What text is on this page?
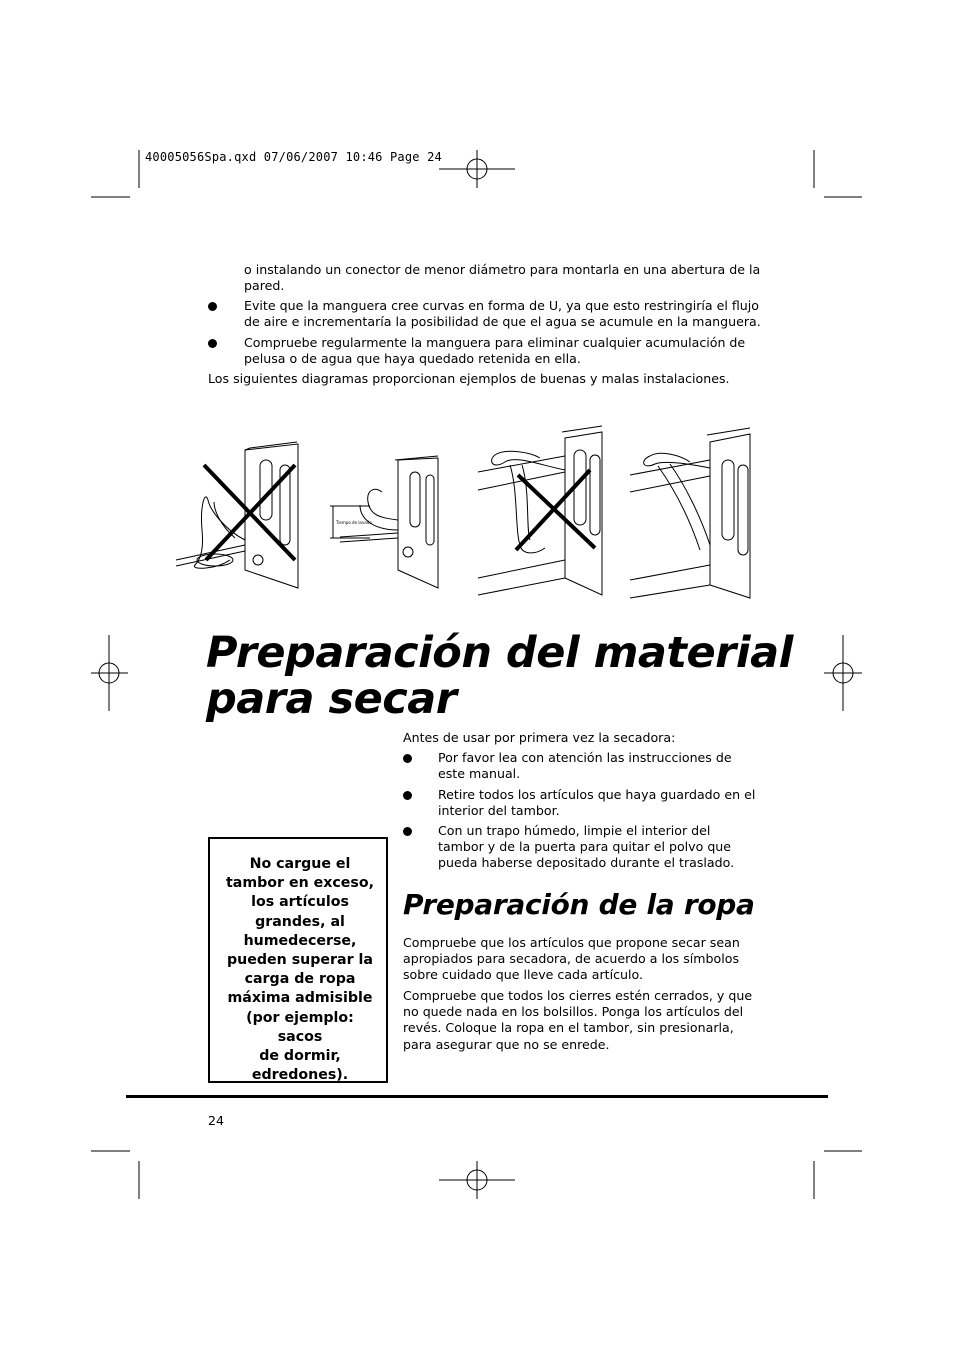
40005056Spa.qxd 07/06/2007 10:46 Page 24
o instalando un conector de menor diámetro para montarla en una abertura de la
pared.
Evite que la manguera cree curvas en forma de U, ya que esto restringiría el flujo
de aire e incrementaría la posibilidad de que el agua se acumule en la manguera.
Compruebe regularmente la manguera para eliminar cualquier acumulación de
pelusa o de agua que haya quedado retenida en ella.
Los siguientes diagramas proporcionan ejemplos de buenas y malas instalaciones.
Tiempo de lavado
Preparación del material
para secar
Antes de usar por primera vez la secadora:
Por favor lea con atención las instrucciones de
este manual.
Retire todos los artículos que haya guardado en el
interior del tambor.
Con un trapo húmedo, limpie el interior del
tambor y de la puerta para quitar el polvo que
pueda haberse depositado durante el traslado.
No cargue el
tambor en exceso,
los artículos
grandes, al
humedecerse,
pueden superar la
carga de ropa
máxima admisible
(por ejemplo: sacos
de dormir,
edredones).
Preparación de la ropa
Compruebe que los artículos que propone secar sean
apropiados para secadora, de acuerdo a los símbolos
sobre cuidado que lleve cada artículo.
Compruebe que todos los cierres estén cerrados, y que
no quede nada en los bolsillos. Ponga los artículos del
revés. Coloque la ropa en el tambor, sin presionarla,
para asegurar que no se enrede.
24
